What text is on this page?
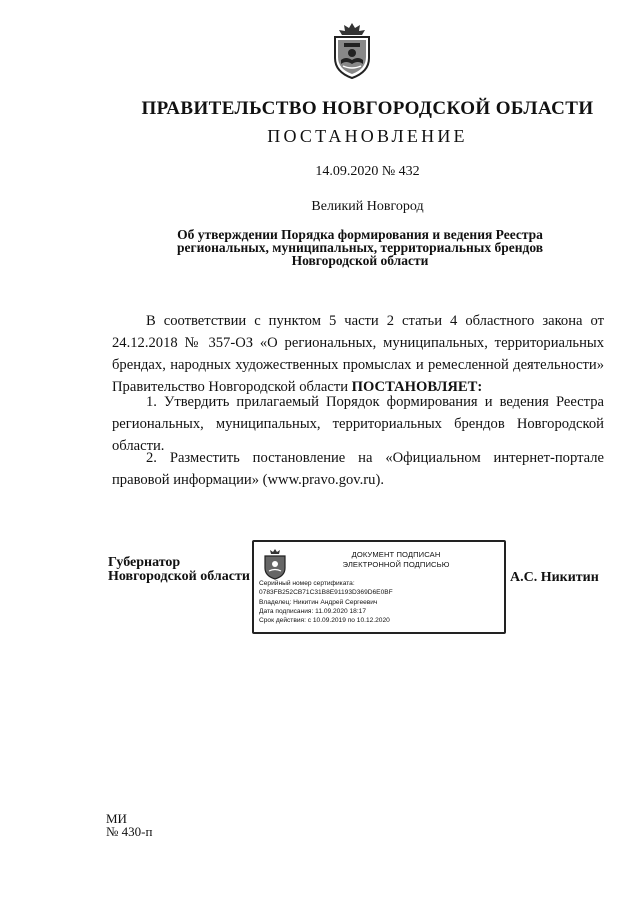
ПРАВИТЕЛЬСТВО НОВГОРОДСКОЙ ОБЛАСТИ
ПОСТАНОВЛЕНИЕ
14.09.2020 № 432
Великий Новгород
Об утверждении Порядка формирования и ведения Реестра
региональных, муниципальных, территориальных брендов
Новгородской области
В соответствии с пунктом 5 части 2 статьи 4 областного закона от 24.12.2018 № 357-ОЗ «О региональных, муниципальных, территориальных брендах, народных художественных промыслах и ремесленной деятельности» Правительство Новгородской области ПОСТАНОВЛЯЕТ:
1. Утвердить прилагаемый Порядок формирования и ведения Реестра региональных, муниципальных, территориальных брендов Новгородской области.
2. Разместить постановление на «Официальном интернет-портале правовой информации» (www.pravo.gov.ru).
Губернатор
Новгородской области
ДОКУМЕНТ ПОДПИСАН
ЭЛЕКТРОННОЙ ПОДПИСЬЮ
Серийный номер сертификата:
0783FB252CB71C31B8E91193D369D6E0BF
Владелец: Никитин Андрей Сергеевич
Дата подписания: 11.09.2020 18:17
Срок действия: с 10.09.2019 по 10.12.2020
А.С. Никитин
МИ
№ 430-п
